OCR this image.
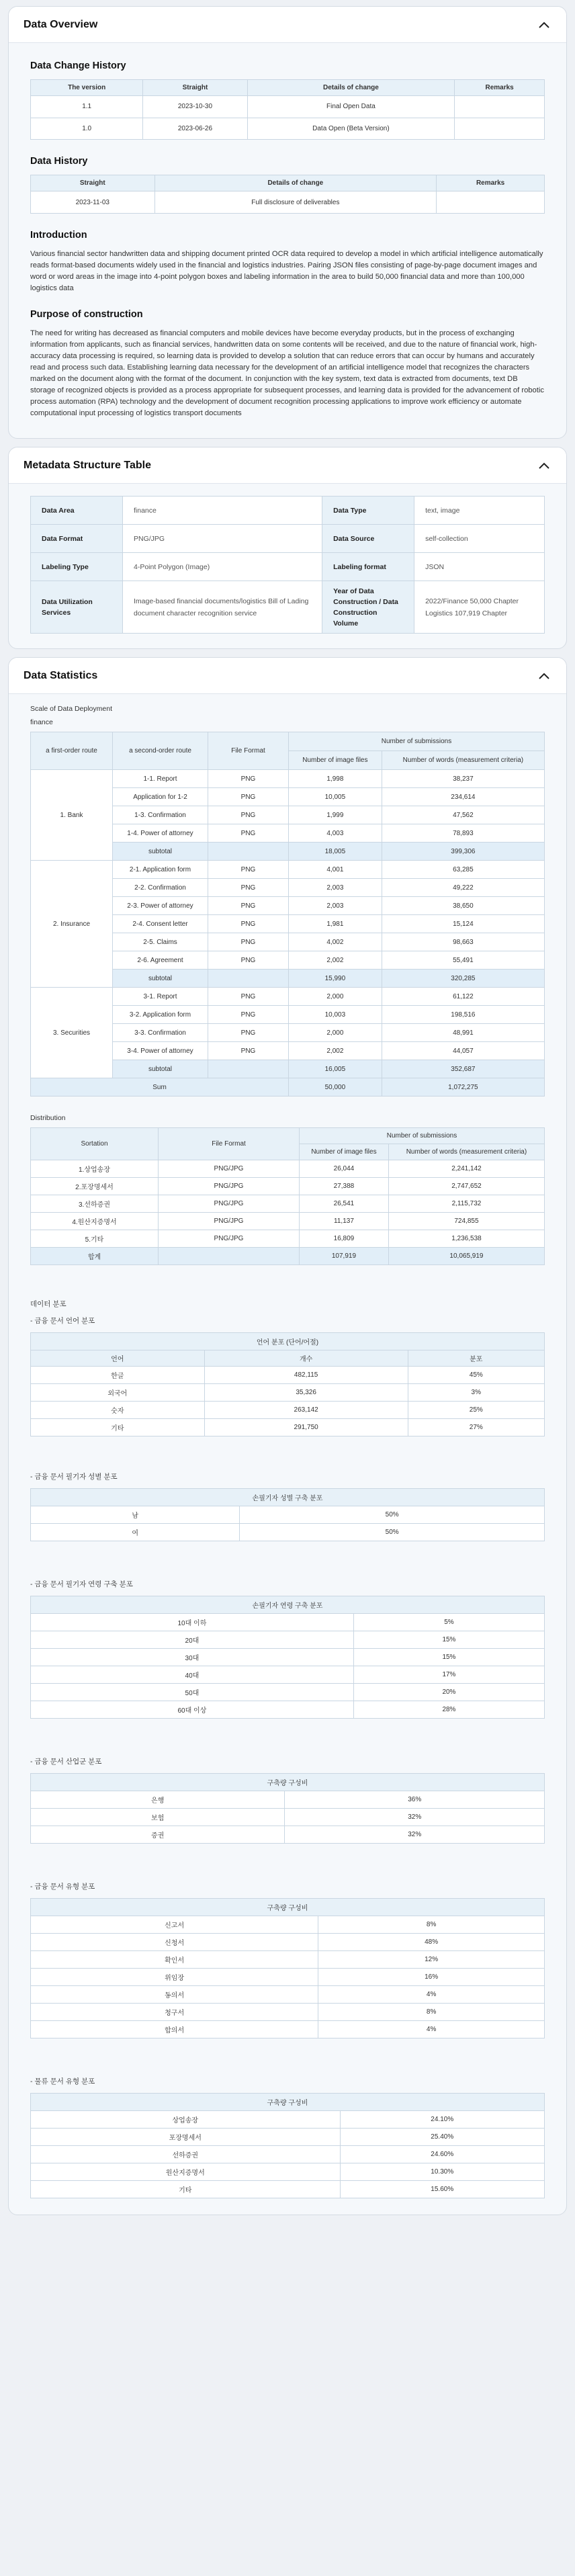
Data Overview
Data Change History
The version	Straight	Details of change	Remarks
1.1	2023-10-30	Final Open Data	
1.0	2023-06-26	Data Open (Beta Version)	
Data History
Straight	Details of change	Remarks
2023-11-03	Full disclosure of deliverables	
Introduction

Various financial sector handwritten data and shipping document printed OCR data required to develop a model in which artificial intelligence automatically reads format-based documents widely used in the financial and logistics industries. Pairing JSON files consisting of page-by-page document images and word or word areas in the image into 4-point polygon boxes and labeling information in the area to build 50,000 financial data and more than 100,000 logistics data

Purpose of construction

The need for writing has decreased as financial computers and mobile devices have become everyday products, but in the process of exchanging information from applicants, such as financial services, handwritten data on some contents will be received, and due to the nature of financial work, high-accuracy data processing is required, so learning data is provided to develop a solution that can reduce errors that can occur by humans and accurately read and process such data. Establishing learning data necessary for the development of an artificial intelligence model that recognizes the characters marked on the document along with the format of the document. In conjunction with the key system, text data is extracted from documents, text DB storage of recognized objects is provided as a process appropriate for subsequent processes, and learning data is provided for the advancement of robotic process automation (RPA) technology and the development of document recognition processing applications to improve work efficiency or automate computational input processing of logistics transport documents

Metadata Structure Table
Data Area	finance	Data Type	text, image
Data Format	PNG/JPG	Data Source	self-collection
Labeling Type	4-Point Polygon (Image)	Labeling format	JSON
Data Utilization Services	Image-based financial documents/logistics Bill of Lading document character recognition service	Year of Data Construction / Data Construction Volume	2022/Finance 50,000 Chapter Logistics 107,919 Chapter
Data Statistics
Scale of Data Deployment
finance
a first-order route	a second-order route	File Format	Number of submissions	
			Number of image files	Number of words (measurement criteria)
1. Bank	1-1. Report	PNG	1,998	38,237
	Application for 1-2	PNG	10,005	234,614
	1-3. Confirmation	PNG	1,999	47,562
	1-4. Power of attorney	PNG	4,003	78,893
	subtotal		18,005	399,306
2. Insurance	2-1. Application form	PNG	4,001	63,285
	2-2. Confirmation	PNG	2,003	49,222
	2-3. Power of attorney	PNG	2,003	38,650
	2-4. Consent letter	PNG	1,981	15,124
	2-5. Claims	PNG	4,002	98,663
	2-6. Agreement	PNG	2,002	55,491
	subtotal		15,990	320,285
3. Securities	3-1. Report	PNG	2,000	61,122
	3-2. Application form	PNG	10,003	198,516
	3-3. Confirmation	PNG	2,000	48,991
	3-4. Power of attorney	PNG	2,002	44,057
	subtotal		16,005	352,687
Sum			50,000	1,072,275
Distribution
Sortation	File Format	Number of submissions	
		Number of image files	Number of words (measurement criteria)
1.상업송장	PNG/JPG	26,044	2,241,142
2.포장명세서	PNG/JPG	27,388	2,747,652
3.선하증권	PNG/JPG	26,541	2,115,732
4.원산지증명서	PNG/JPG	11,137	724,855
5.기타	PNG/JPG	16,809	1,236,538
합계		107,919	10,065,919
데이터 분포
- 금융 문서 언어 분포
언어 분포 (단어/어절)		
언어	개수	분포
한글	482,115	45%
외국어	35,326	3%
숫자	263,142	25%
기타	291,750	27%
- 금융 문서 필기자 성별 분포
손필기자 성별 구축 분포	
남	50%
여	50%
- 금융 문서 필기자 연령 구축 분포
손필기자 연령 구축 분포	
10대 이하	5%
20대	15%
30대	15%
40대	17%
50대	20%
60대 이상	28%
- 금융 문서 산업군 분포
구축량 구성비	
은행	36%
보험	32%
증권	32%
- 금융 문서 유형 분포
구축량 구성비	
신고서	8%
신청서	48%
확인서	12%
위임장	16%
동의서	4%
청구서	8%
합의서	4%
- 물류 문서 유형 분포
구축량 구성비	
상업송장	24.10%
포장명세서	25.40%
선하증권	24.60%
원산지증명서	10.30%
기타	15.60%
